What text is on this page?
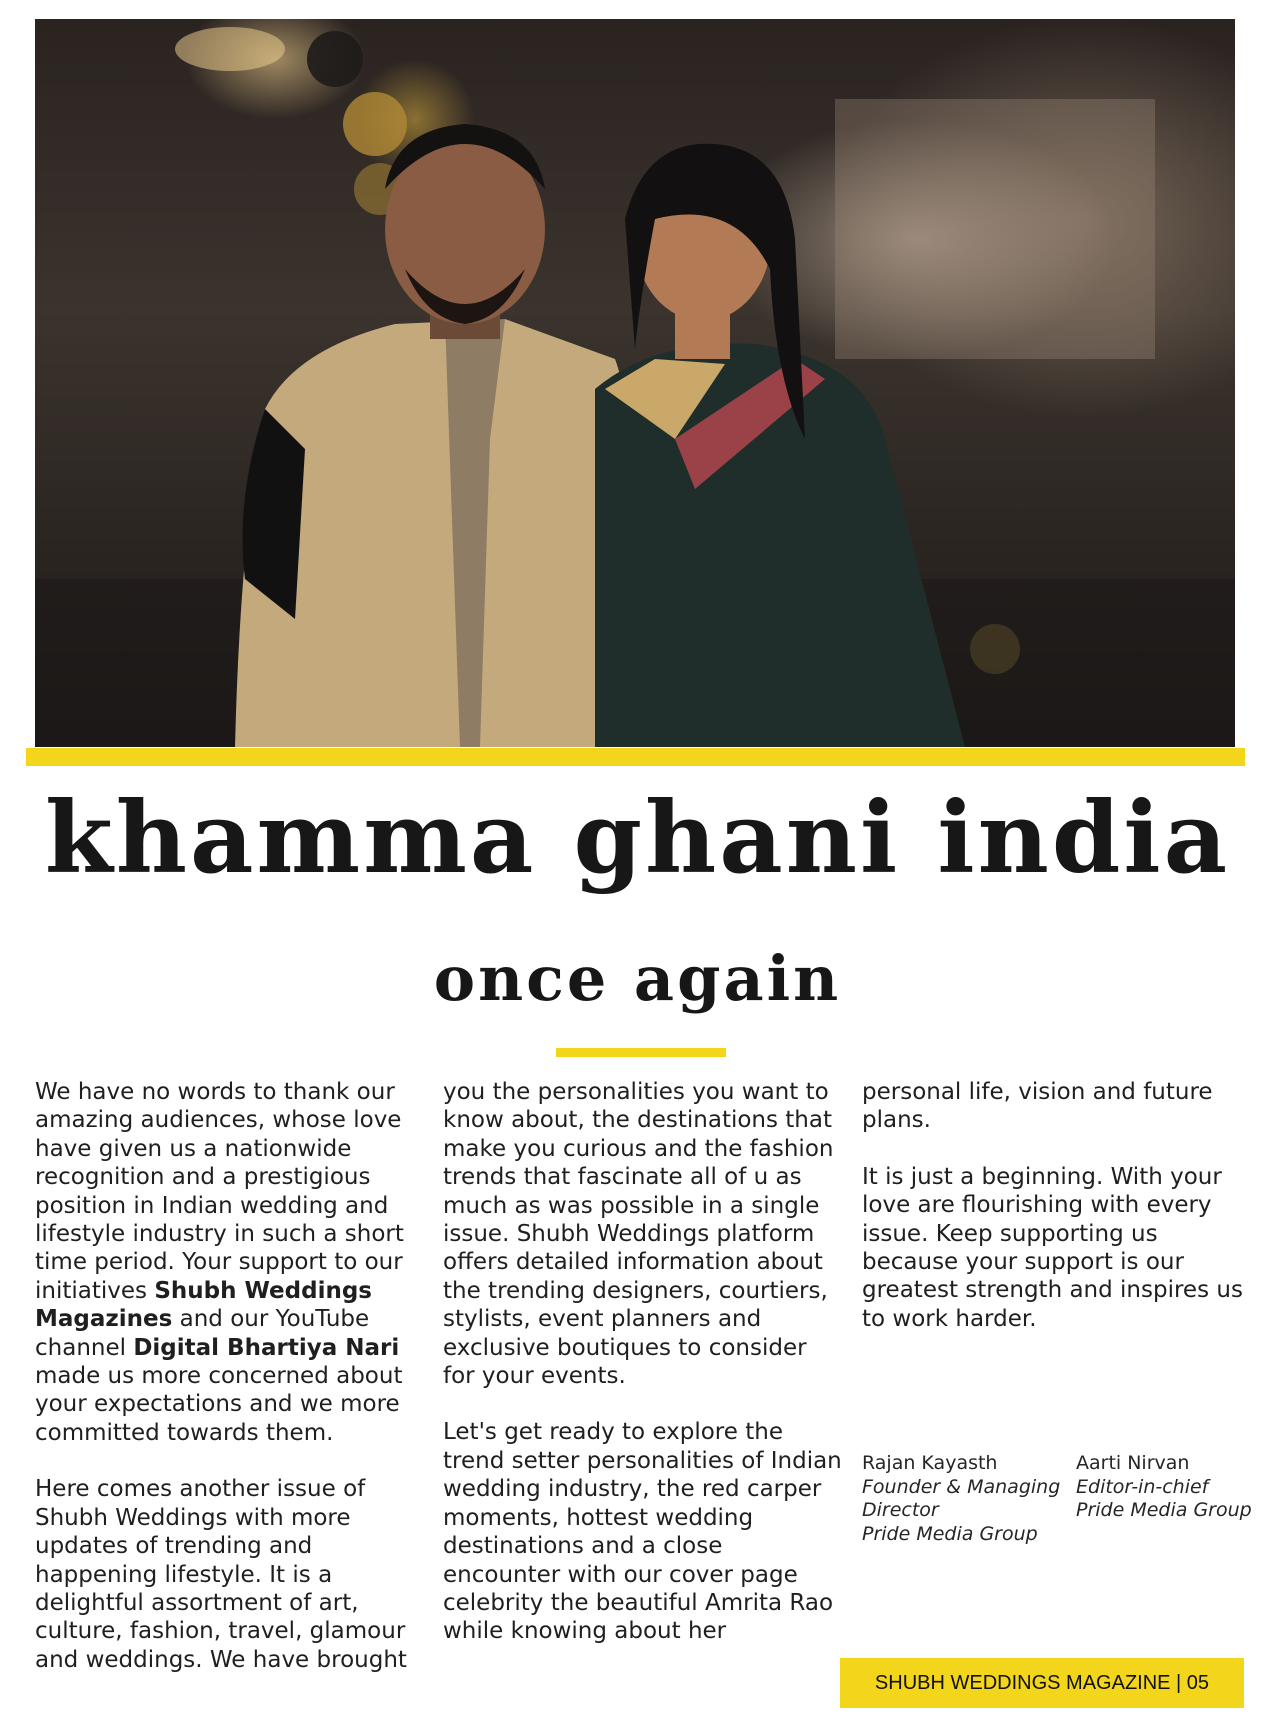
khamma ghani india
once again

We have no words to thank our amazing audiences, whose love have given us a nationwide recognition and a prestigious position in Indian wedding and lifestyle industry in such a short time period. Your support to our initiatives Shubh Weddings Magazines and our YouTube channel Digital Bhartiya Nari made us more concerned about your expectations and we more committed towards them.

Here comes another issue of Shubh Weddings with more updates of trending and happening lifestyle. It is a delightful assortment of art, culture, fashion, travel, glamour and weddings. We have brought

you the personalities you want to know about, the destinations that make you curious and the fashion trends that fascinate all of u as much as was possible in a single issue. Shubh Weddings platform offers detailed information about the trending designers, courtiers, stylists, event planners and exclusive boutiques to consider for your events.

Let's get ready to explore the trend setter personalities of Indian wedding industry, the red carper moments, hottest wedding destinations and a close encounter with our cover page celebrity the beautiful Amrita Rao while knowing about her

personal life, vision and future plans.

It is just a beginning. With your love are flourishing with every issue. Keep supporting us because your support is our greatest strength and inspires us to work harder.

Rajan Kayasth
Founder & Managing Director
Pride Media Group
Aarti Nirvan
Editor-in-chief
Pride Media Group
SHUBH WEDDINGS MAGAZINE | 05
